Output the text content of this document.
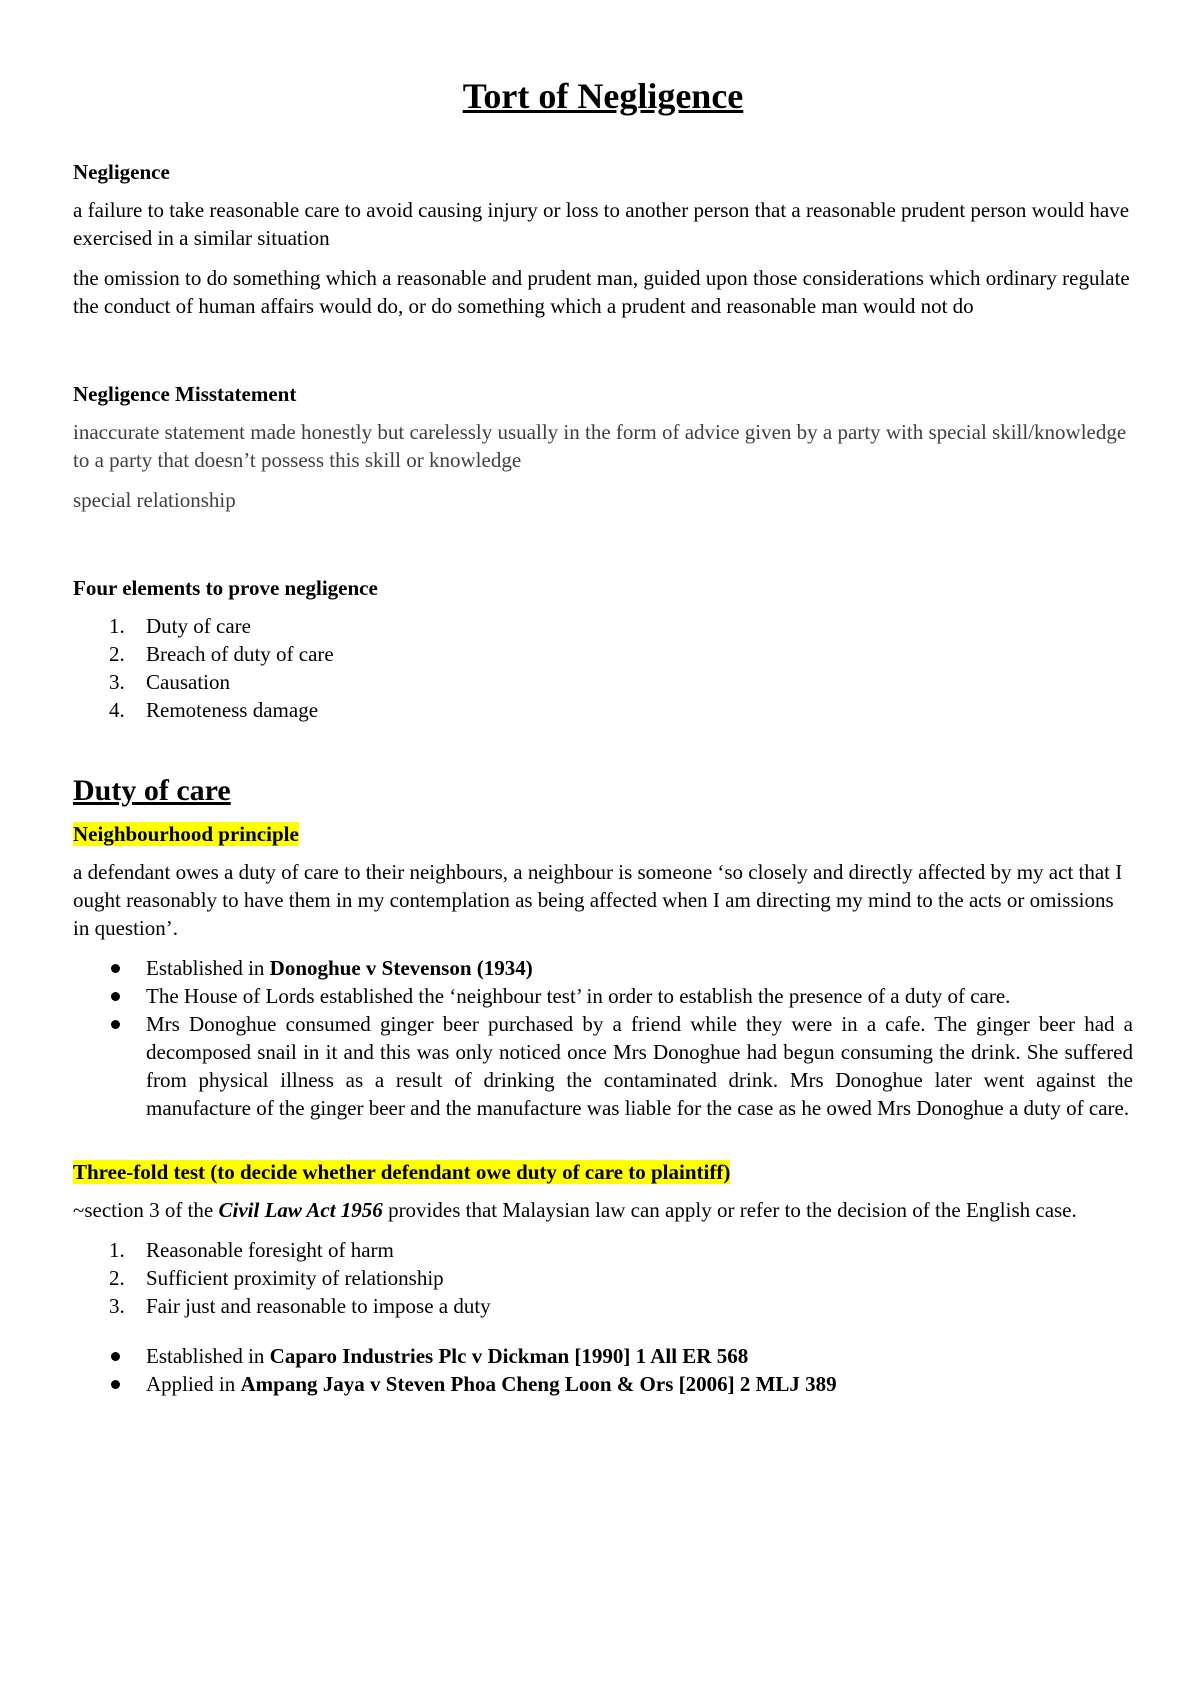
Tort of Negligence
Negligence

a failure to take reasonable care to avoid causing injury or loss to another person that a reasonable prudent person would have exercised in a similar situation

the omission to do something which a reasonable and prudent man, guided upon those considerations which ordinary regulate the conduct of human affairs would do, or do something which a prudent and reasonable man would not do

Negligence Misstatement

inaccurate statement made honestly but carelessly usually in the form of advice given by a party with special skill/knowledge to a party that doesn’t possess this skill or knowledge

special relationship

Four elements to prove negligence
1.	Duty of care
2.	Breach of duty of care
3.	Causation
4.	Remoteness damage
Duty of care
Neighbourhood principle

a defendant owes a duty of care to their neighbours, a neighbour is someone ‘so closely and directly affected by my act that I ought reasonably to have them in my contemplation as being affected when I am directing my mind to the acts or omissions in question’.

Established in Donoghue v Stevenson (1934)
The House of Lords established the ‘neighbour test’ in order to establish the presence of a duty of care.
Mrs Donoghue consumed ginger beer purchased by a friend while they were in a cafe. The ginger beer had a decomposed snail in it and this was only noticed once Mrs Donoghue had begun consuming the drink. She suffered from physical illness as a result of drinking the contaminated drink. Mrs Donoghue later went against the manufacture of the ginger beer and the manufacture was liable for the case as he owed Mrs Donoghue a duty of care.
Three-fold test (to decide whether defendant owe duty of care to plaintiff)

~section 3 of the Civil Law Act 1956 provides that Malaysian law can apply or refer to the decision of the English case.

1.	Reasonable foresight of harm
2.	Sufficient proximity of relationship
3.	Fair just and reasonable to impose a duty
Established in Caparo Industries Plc v Dickman [1990] 1 All ER 568
Applied in Ampang Jaya v Steven Phoa Cheng Loon & Ors [2006] 2 MLJ 389
